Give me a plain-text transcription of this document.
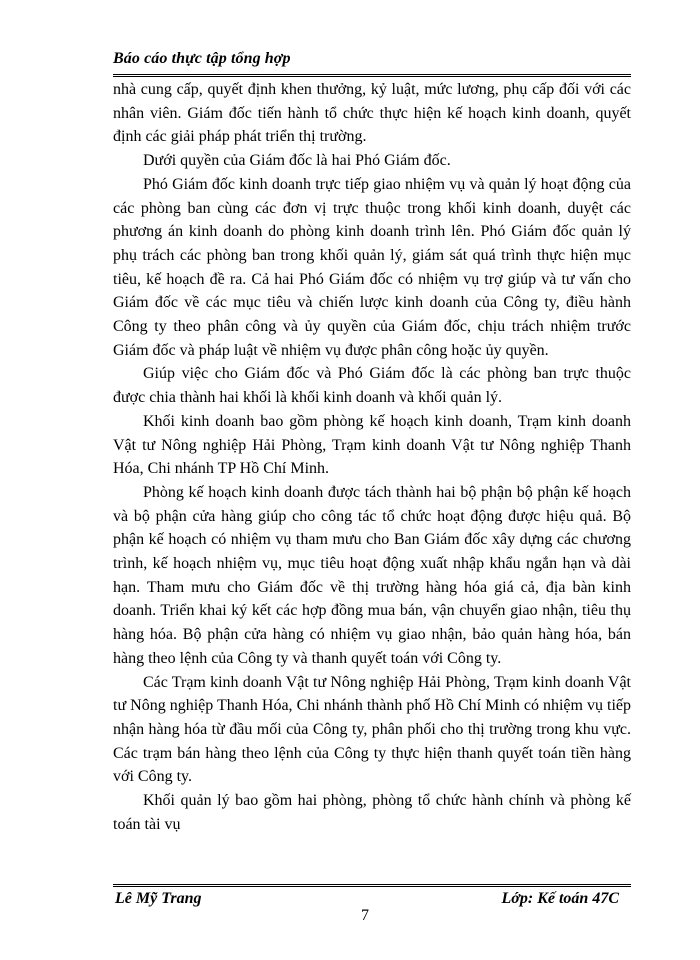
Báo cáo thực tập tổng hợp

nhà cung cấp, quyết định khen thưởng, kỷ luật, mức lương, phụ cấp đối với các nhân viên. Giám đốc tiến hành tổ chức thực hiện kế hoạch kinh doanh, quyết định các giải pháp phát triển thị trường.

Dưới quyền của Giám đốc là hai Phó Giám đốc.

Phó Giám đốc kinh doanh trực tiếp giao nhiệm vụ và quản lý hoạt động của các phòng ban cùng các đơn vị trực thuộc trong khối kinh doanh, duyệt các phương án kinh doanh do phòng kinh doanh trình lên. Phó Giám đốc quản lý phụ trách các phòng ban trong khối quản lý, giám sát quá trình thực hiện mục tiêu, kế hoạch đề ra. Cả hai Phó Giám đốc có nhiệm vụ trợ giúp và tư vấn cho Giám đốc về các mục tiêu và chiến lược kinh doanh của Công ty, điều hành Công ty theo phân công và ủy quyền của Giám đốc, chịu trách nhiệm trước Giám đốc và pháp luật về nhiệm vụ được phân công hoặc ủy quyền.

Giúp việc cho Giám đốc và Phó Giám đốc là các phòng ban trực thuộc được chia thành hai khối là khối kinh doanh và khối quản lý.

Khối kinh doanh bao gồm phòng kế hoạch kinh doanh, Trạm kinh doanh Vật tư Nông nghiệp Hải Phòng, Trạm kinh doanh Vật tư Nông nghiệp Thanh Hóa, Chi nhánh TP Hồ Chí Minh.

Phòng kế hoạch kinh doanh được tách thành hai bộ phận bộ phận kế hoạch và bộ phận cửa hàng giúp cho công tác tổ chức hoạt động được hiệu quả. Bộ phận kế hoạch có nhiệm vụ tham mưu cho Ban Giám đốc xây dựng các chương trình, kế hoạch nhiệm vụ, mục tiêu hoạt động xuất nhập khẩu ngắn hạn và dài hạn. Tham mưu cho Giám đốc về thị trường hàng hóa giá cả, địa bàn kinh doanh. Triển khai ký kết các hợp đồng mua bán, vận chuyển giao nhận, tiêu thụ hàng hóa. Bộ phận cửa hàng có nhiệm vụ giao nhận, bảo quản hàng hóa, bán hàng theo lệnh của Công ty và thanh quyết toán với Công ty.

Các Trạm kinh doanh Vật tư Nông nghiệp Hải Phòng, Trạm kinh doanh Vật tư Nông nghiệp Thanh Hóa, Chi nhánh thành phố Hồ Chí Minh có nhiệm vụ tiếp nhận hàng hóa từ đầu mối của Công ty, phân phối cho thị trường trong khu vực. Các trạm bán hàng theo lệnh của Công ty thực hiện thanh quyết toán tiền hàng với Công ty.

Khối quản lý bao gồm hai phòng, phòng tổ chức hành chính và phòng kế toán tài vụ

Lê Mỹ Trang
7
Lớp: Kế toán 47C
